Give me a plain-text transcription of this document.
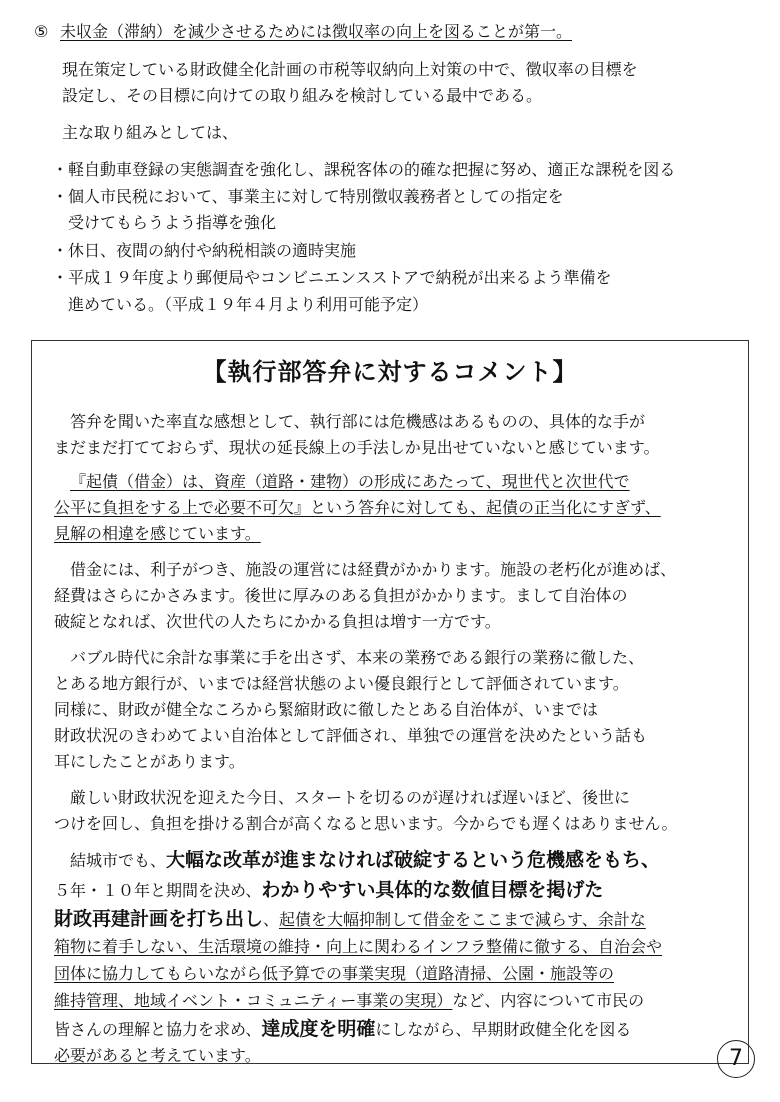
⑤ 未収金（滞納）を減少させるためには徴収率の向上を図ることが第一。
現在策定している財政健全化計画の市税等収納向上対策の中で、徴収率の目標を
設定し、その目標に向けての取り組みを検討している最中である。
主な取り組みとしては、
・軽自動車登録の実態調査を強化し、課税客体の的確な把握に努め、適正な課税を図る
・個人市民税において、事業主に対して特別徴収義務者としての指定を
受けてもらうよう指導を強化
・休日、夜間の納付や納税相談の適時実施
・平成１９年度より郵便局やコンビニエンスストアで納税が出来るよう準備を
進めている。（平成１９年４月より利用可能予定）
【執行部答弁に対するコメント】
答弁を聞いた率直な感想として、執行部には危機感はあるものの、具体的な手が
まだまだ打てておらず、現状の延長線上の手法しか見出せていないと感じています。
『起債（借金）は、資産（道路・建物）の形成にあたって、現世代と次世代で
公平に負担をする上で必要不可欠』という答弁に対しても、起債の正当化にすぎず、
見解の相違を感じています。
借金には、利子がつき、施設の運営には経費がかかります。施設の老朽化が進めば、
経費はさらにかさみます。後世に厚みのある負担がかかります。まして自治体の
破綻となれば、次世代の人たちにかかる負担は増す一方です。
バブル時代に余計な事業に手を出さず、本来の業務である銀行の業務に徹した、
とある地方銀行が、いまでは経営状態のよい優良銀行として評価されています。
同様に、財政が健全なころから緊縮財政に徹したとある自治体が、いまでは
財政状況のきわめてよい自治体として評価され、単独での運営を決めたという話も
耳にしたことがあります。
厳しい財政状況を迎えた今日、スタートを切るのが遅ければ遅いほど、後世に
つけを回し、負担を掛ける割合が高くなると思います。今からでも遅くはありません。
結城市でも、大幅な改革が進まなければ破綻するという危機感をもち、
５年・１０年と期間を決め、わかりやすい具体的な数値目標を掲げた
財政再建計画を打ち出し、起債を大幅抑制して借金をここまで減らす、余計な
箱物に着手しない、生活環境の維持・向上に関わるインフラ整備に徹する、自治会や
団体に協力してもらいながら低予算での事業実現（道路清掃、公園・施設等の
維持管理、地域イベント・コミュニティー事業の実現）など、内容について市民の
皆さんの理解と協力を求め、達成度を明確にしながら、早期財政健全化を図る
必要があると考えています。	7
